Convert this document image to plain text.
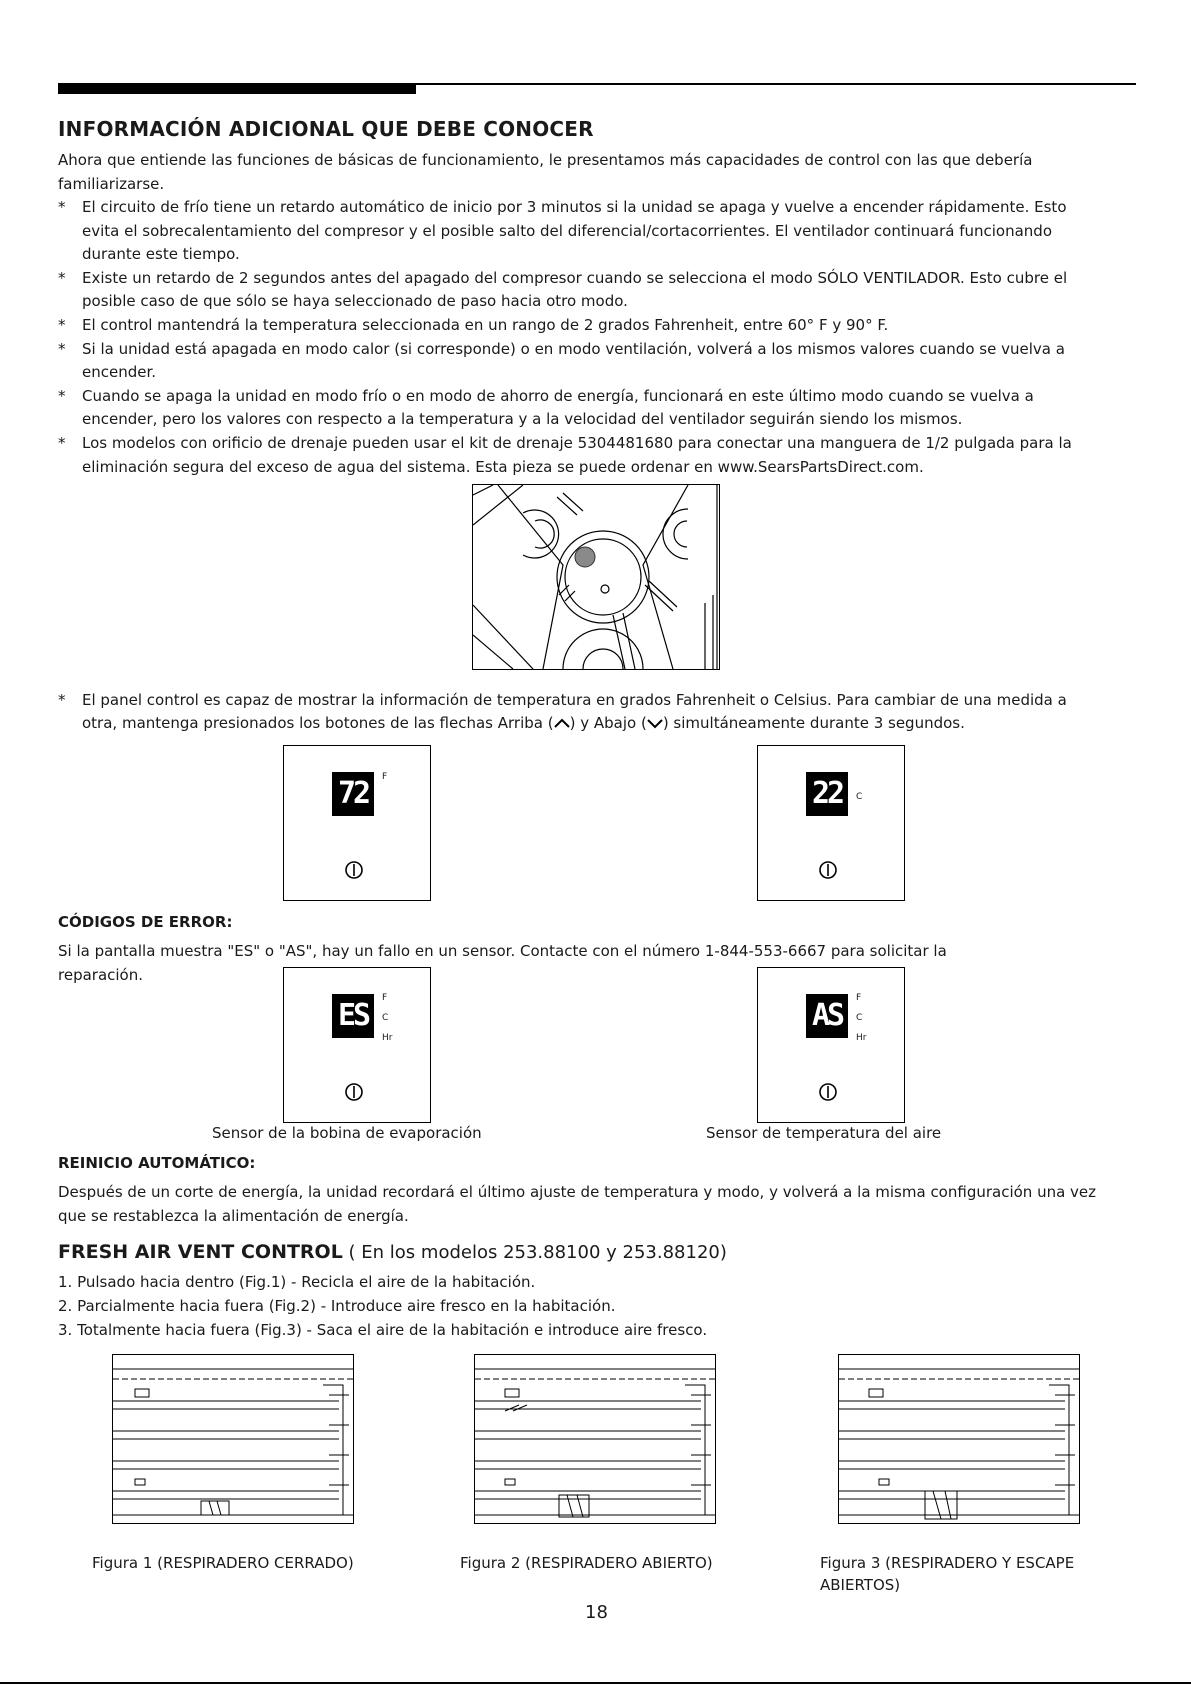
INFORMACIÓN ADICIONAL QUE DEBE CONOCER

Ahora que entiende las funciones de básicas de funcionamiento, le presentamos más capacidades de control con las que debería familiarizarse.

* El circuito de frío tiene un retardo automático de inicio por 3 minutos si la unidad se apaga y vuelve a encender rápidamente. Esto evita el sobrecalentamiento del compresor y el posible salto del diferencial/cortacorrientes. El ventilador continuará funcionando durante este tiempo.
* Existe un retardo de 2 segundos antes del apagado del compresor cuando se selecciona el modo SÓLO VENTILADOR. Esto cubre el posible caso de que sólo se haya seleccionado de paso hacia otro modo.
* El control mantendrá la temperatura seleccionada en un rango de 2 grados Fahrenheit, entre 60° F y 90° F.
* Si la unidad está apagada en modo calor (si corresponde) o en modo ventilación, volverá a los mismos valores cuando se vuelva a encender.
* Cuando se apaga la unidad en modo frío o en modo de ahorro de energía, funcionará en este último modo cuando se vuelva a encender, pero los valores con respecto a la temperatura y a la velocidad del ventilador seguirán siendo los mismos.
* Los modelos con orificio de drenaje pueden usar el kit de drenaje 5304481680 para conectar una manguera de 1/2 pulgada para la eliminación segura del exceso de agua del sistema. Esta pieza se puede ordenar en www.SearsPartsDirect.com.

* El panel control es capaz de mostrar la información de temperatura en grados Fahrenheit o Celsius. Para cambiar de una medida a otra, mantenga presionados los botones de las flechas Arriba ( ) y Abajo ( ) simultáneamente durante 3 segundos.

72	F	22	C
CÓDIGOS DE ERROR:

Si la pantalla muestra "ES" o "AS", hay un fallo en un sensor. Contacte con el número 1-844-553-6667 para solicitar la reparación.

ES	F
C
Hr
AS	F
C
Hr

Sensor de la bobina de evaporación	Sensor de temperatura del aire

REINICIO AUTOMÁTICO:

Después de un corte de energía, la unidad recordará el último ajuste de temperatura y modo, y volverá a la misma configuración una vez que se restablezca la alimentación de energía.

FRESH AIR VENT CONTROL ( En los modelos 253.88100 y 253.88120)

1. Pulsado hacia dentro (Fig.1) - Recicla el aire de la habitación.
2. Parcialmente hacia fuera (Fig.2) - Introduce aire fresco en la habitación.
3. Totalmente hacia fuera (Fig.3) - Saca el aire de la habitación e introduce aire fresco.

Figura 1 (RESPIRADERO CERRADO)	Figura 2 (RESPIRADERO ABIERTO)	Figura 3 (RESPIRADERO Y ESCAPE ABIERTOS)

18
